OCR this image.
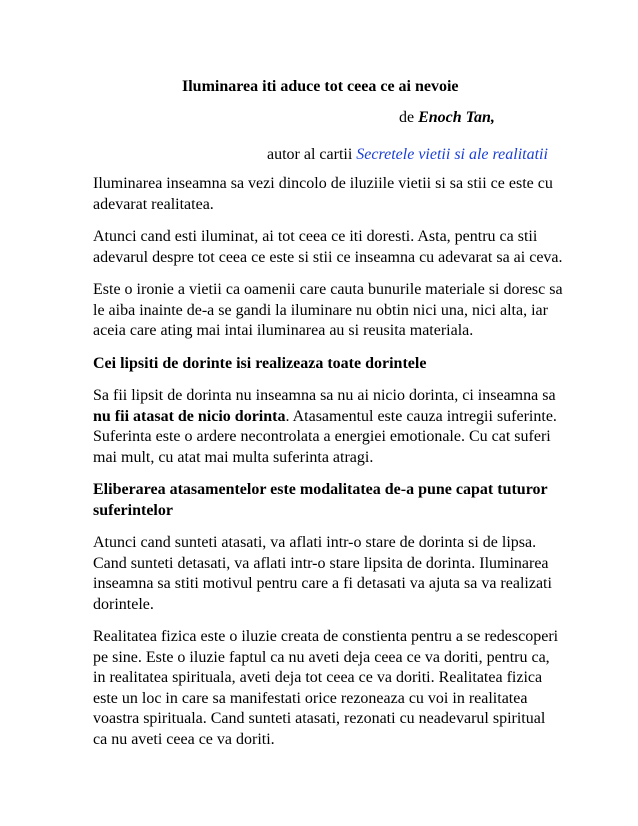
Iluminarea iti aduce tot ceea ce ai nevoie
de Enoch Tan,
autor al cartii Secretele vietii si ale realitatii

Iluminarea inseamna sa vezi dincolo de iluziile vietii si sa stii ce este cu adevarat realitatea.

Atunci cand esti iluminat, ai tot ceea ce iti doresti. Asta, pentru ca stii adevarul despre tot ceea ce este si stii ce inseamna cu adevarat sa ai ceva.

Este o ironie a vietii ca oamenii care cauta bunurile materiale si doresc sa le aiba inainte de-a se gandi la iluminare nu obtin nici una, nici alta, iar aceia care ating mai intai iluminarea au si reusita materiala.

Cei lipsiti de dorinte isi realizeaza toate dorintele

Sa fii lipsit de dorinta nu inseamna sa nu ai nicio dorinta, ci inseamna sa nu fii atasat de nicio dorinta. Atasamentul este cauza intregii suferinte. Suferinta este o ardere necontrolata a energiei emotionale. Cu cat suferi mai mult, cu atat mai multa suferinta atragi.

Eliberarea atasamentelor este modalitatea de-a pune capat tuturor suferintelor

Atunci cand sunteti atasati, va aflati intr-o stare de dorinta si de lipsa. Cand sunteti detasati, va aflati intr-o stare lipsita de dorinta. Iluminarea inseamna sa stiti motivul pentru care a fi detasati va ajuta sa va realizati dorintele.

Realitatea fizica este o iluzie creata de constienta pentru a se redescoperi pe sine. Este o iluzie faptul ca nu aveti deja ceea ce va doriti, pentru ca, in realitatea spirituala, aveti deja tot ceea ce va doriti. Realitatea fizica este un loc in care sa manifestati orice rezoneaza cu voi in realitatea voastra spirituala. Cand sunteti atasati, rezonati cu neadevarul spiritual ca nu aveti ceea ce va doriti.
